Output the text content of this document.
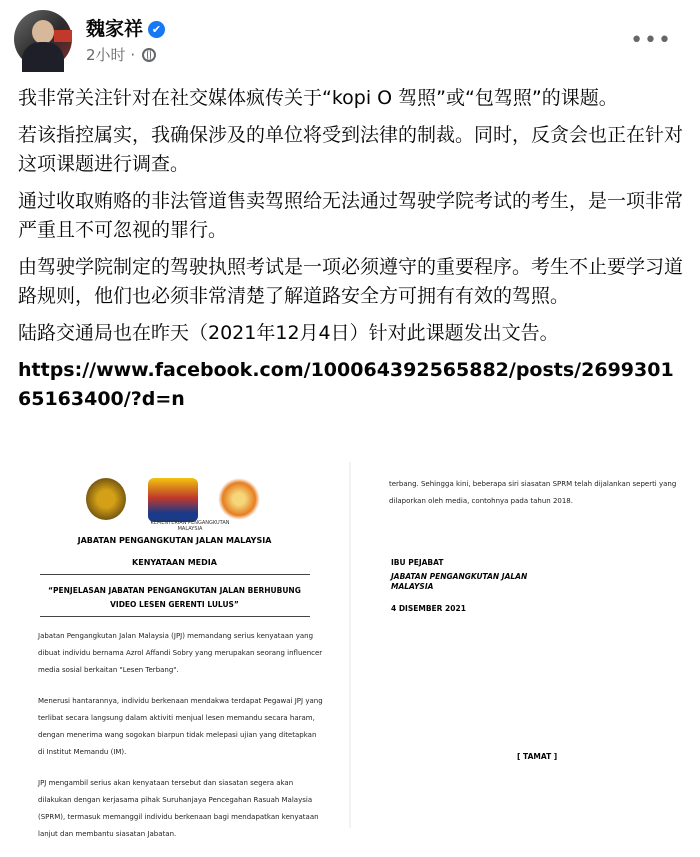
魏家祥 ✔
2小时 ·
•••

我非常关注针对在社交媒体疯传关于“kopi O 驾照”或“包驾照”的课题。

若该指控属实，我确保涉及的单位将受到法律的制裁。同时，反贪会也正在针对这项课题进行调查。

通过收取贿赂的非法管道售卖驾照给无法通过驾驶学院考试的考生，是一项非常严重且不可忽视的罪行。

由驾驶学院制定的驾驶执照考试是一项必须遵守的重要程序。考生不止要学习道路规则，他们也必须非常清楚了解道路安全方可拥有有效的驾照。

陆路交通局也在昨天（2021年12月4日）针对此课题发出文告。

https://www.facebook.com/100064392565882/posts/269930165163400/?d=n

KEMENTERIAN PENGANGKUTAN MALAYSIA
JABATAN PENGANGKUTAN JALAN MALAYSIA
KENYATAAN MEDIA
“PENJELASAN JABATAN PENGANGKUTAN JALAN BERHUBUNG
VIDEO LESEN GERENTI LULUS”

Jabatan Pengangkutan Jalan Malaysia (JPJ) memandang serius kenyataan yang dibuat individu bernama Azrol Affandi Sobry yang merupakan seorang influencer media sosial berkaitan "Lesen Terbang".

Menerusi hantarannya, individu berkenaan mendakwa terdapat Pegawai JPJ yang terlibat secara langsung dalam aktiviti menjual lesen memandu secara haram, dengan menerima wang sogokan biarpun tidak melepasi ujian yang ditetapkan di Institut Memandu (IM).

JPJ mengambil serius akan kenyataan tersebut dan siasatan segera akan dilakukan dengan kerjasama pihak Suruhanjaya Pencegahan Rasuah Malaysia (SPRM), termasuk memanggil individu berkenaan bagi mendapatkan kenyataan lanjut dan membantu siasatan Jabatan.

terbang. Sehingga kini, beberapa siri siasatan SPRM telah dijalankan seperti yang dilaporkan oleh media, contohnya pada tahun 2018.

IBU PEJABAT
JABATAN PENGANGKUTAN JALAN
MALAYSIA
4 DISEMBER 2021
[ TAMAT ]
